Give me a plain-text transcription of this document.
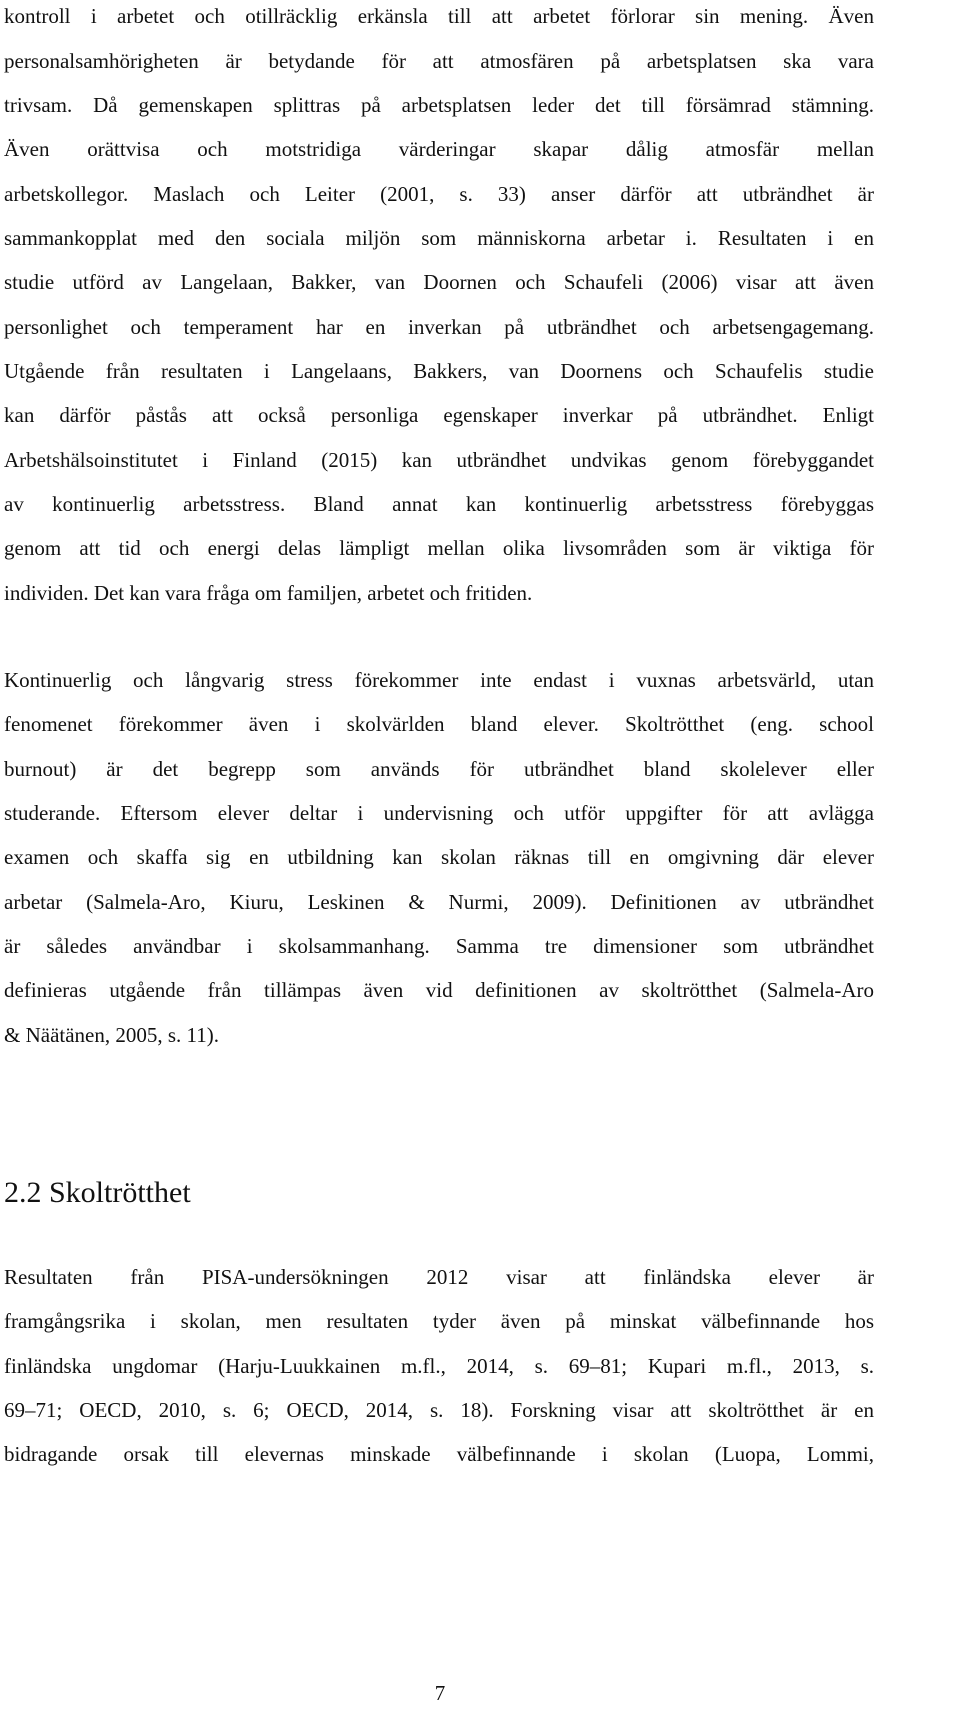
kontroll i arbetet och otillräcklig erkänsla till att arbetet förlorar sin mening. Även
personalsamhörigheten är betydande för att atmosfären på arbetsplatsen ska vara
trivsam. Då gemenskapen splittras på arbetsplatsen leder det till försämrad stämning.
Även orättvisa och motstridiga värderingar skapar dålig atmosfär mellan
arbetskollegor. Maslach och Leiter (2001, s. 33) anser därför att utbrändhet är
sammankopplat med den sociala miljön som människorna arbetar i. Resultaten i en
studie utförd av Langelaan, Bakker, van Doornen och Schaufeli (2006) visar att även
personlighet och temperament har en inverkan på utbrändhet och arbetsengagemang.
Utgående från resultaten i Langelaans, Bakkers, van Doornens och Schaufelis studie
kan därför påstås att också personliga egenskaper inverkar på utbrändhet. Enligt
Arbetshälsoinstitutet i Finland (2015) kan utbrändhet undvikas genom förebyggandet
av kontinuerlig arbetsstress. Bland annat kan kontinuerlig arbetsstress förebyggas
genom att tid och energi delas lämpligt mellan olika livsområden som är viktiga för
individen. Det kan vara fråga om familjen, arbetet och fritiden.
Kontinuerlig och långvarig stress förekommer inte endast i vuxnas arbetsvärld, utan
fenomenet förekommer även i skolvärlden bland elever. Skoltrötthet (eng. school
burnout) är det begrepp som används för utbrändhet bland skolelever eller
studerande. Eftersom elever deltar i undervisning och utför uppgifter för att avlägga
examen och skaffa sig en utbildning kan skolan räknas till en omgivning där elever
arbetar (Salmela-Aro, Kiuru, Leskinen & Nurmi, 2009). Definitionen av utbrändhet
är således användbar i skolsammanhang. Samma tre dimensioner som utbrändhet
definieras utgående från tillämpas även vid definitionen av skoltrötthet (Salmela-Aro
& Näätänen, 2005, s. 11).
2.2 Skoltrötthet
Resultaten från PISA-undersökningen 2012 visar att finländska elever är
framgångsrika i skolan, men resultaten tyder även på minskat välbefinnande hos
finländska ungdomar (Harju-Luukkainen m.fl., 2014, s. 69–81; Kupari m.fl., 2013, s.
69–71; OECD, 2010, s. 6; OECD, 2014, s. 18). Forskning visar att skoltrötthet är en
bidragande orsak till elevernas minskade välbefinnande i skolan (Luopa, Lommi,
7
